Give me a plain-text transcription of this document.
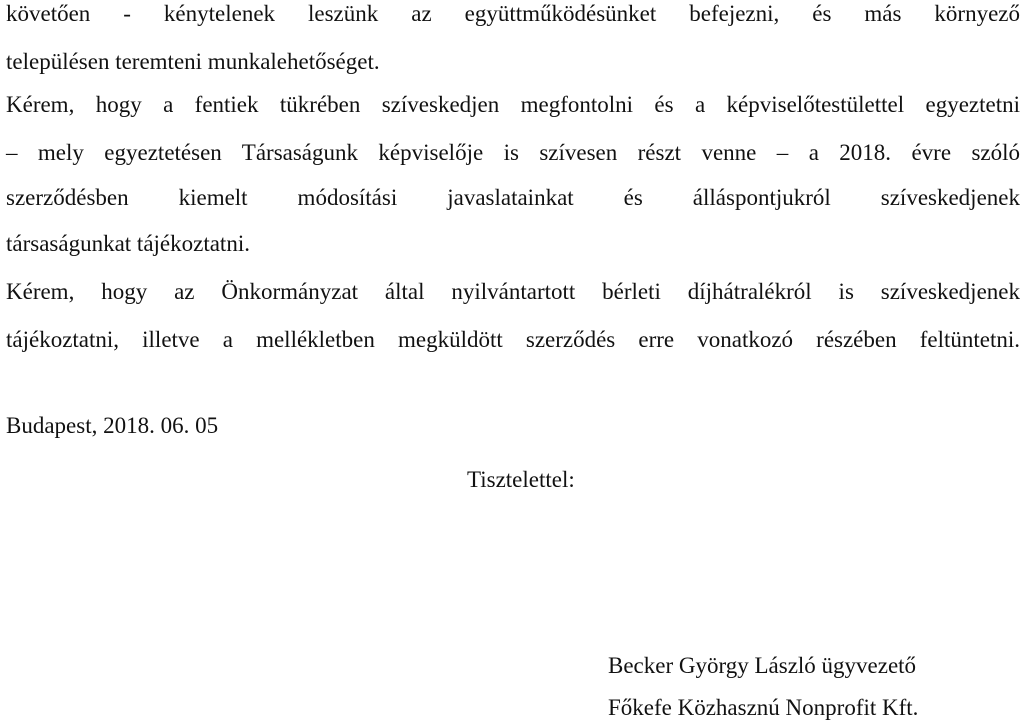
követően - kénytelenek leszünk az együttműködésünket befejezni, és más környező
településen teremteni munkalehetőséget.
Kérem, hogy a fentiek tükrében szíveskedjen megfontolni és a képviselőtestülettel egyeztetni
– mely egyeztetésen Társaságunk képviselője is szívesen részt venne – a 2018. évre szóló
szerződésben kiemelt módosítási javaslatainkat és álláspontjukról szíveskedjenek
társaságunkat tájékoztatni.
Kérem, hogy az Önkormányzat által nyilvántartott bérleti díjhátralékról is szíveskedjenek
tájékoztatni, illetve a mellékletben megküldött szerződés erre vonatkozó részében feltüntetni.
Budapest, 2018. 06. 05
Tisztelettel:
Becker György László ügyvezető
Főkefe Közhasznú Nonprofit Kft.
